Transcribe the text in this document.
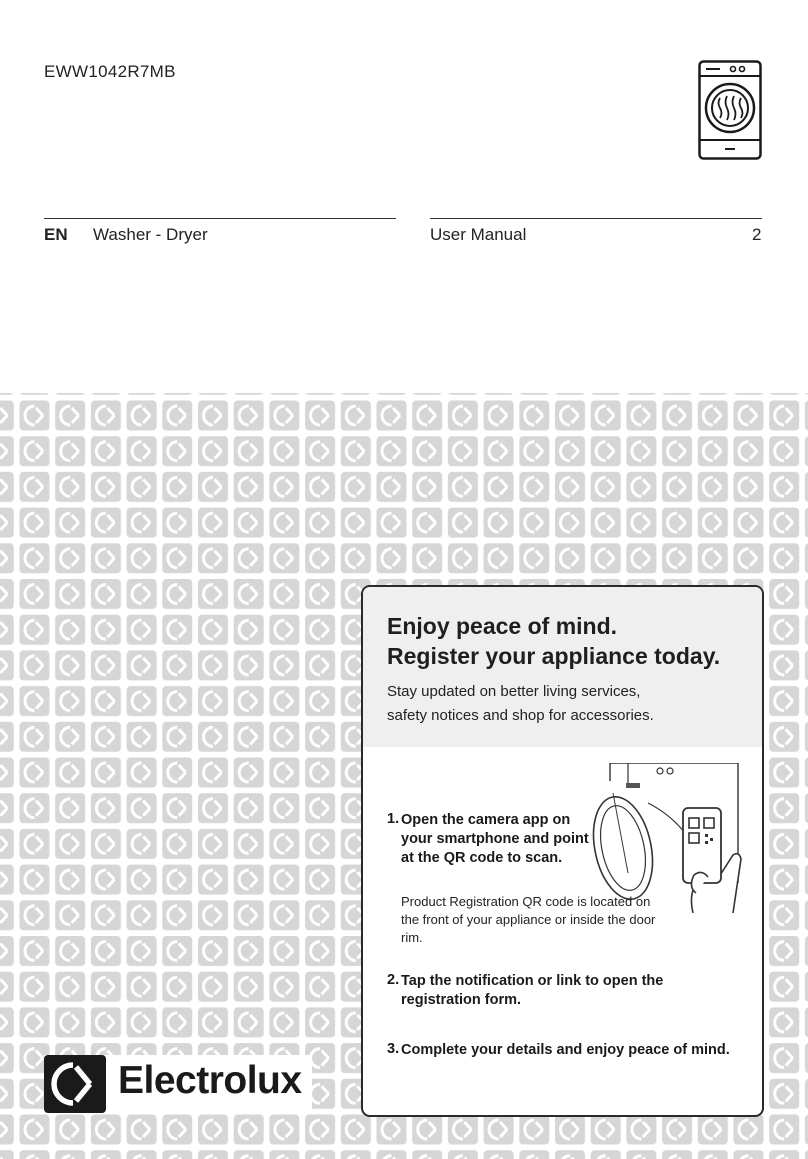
EWW1042R7MB
EN Washer - Dryer	User Manual	2
Enjoy peace of mind.
Register your appliance today.
Stay updated on better living services,
safety notices and shop for accessories.
1. Open the camera app on your smartphone and point at the QR code to scan.
Product Registration QR code is located on the front of your appliance or inside the door rim.
2. Tap the notification or link to open the registration form.
3. Complete your details and enjoy peace of mind.
Electrolux
